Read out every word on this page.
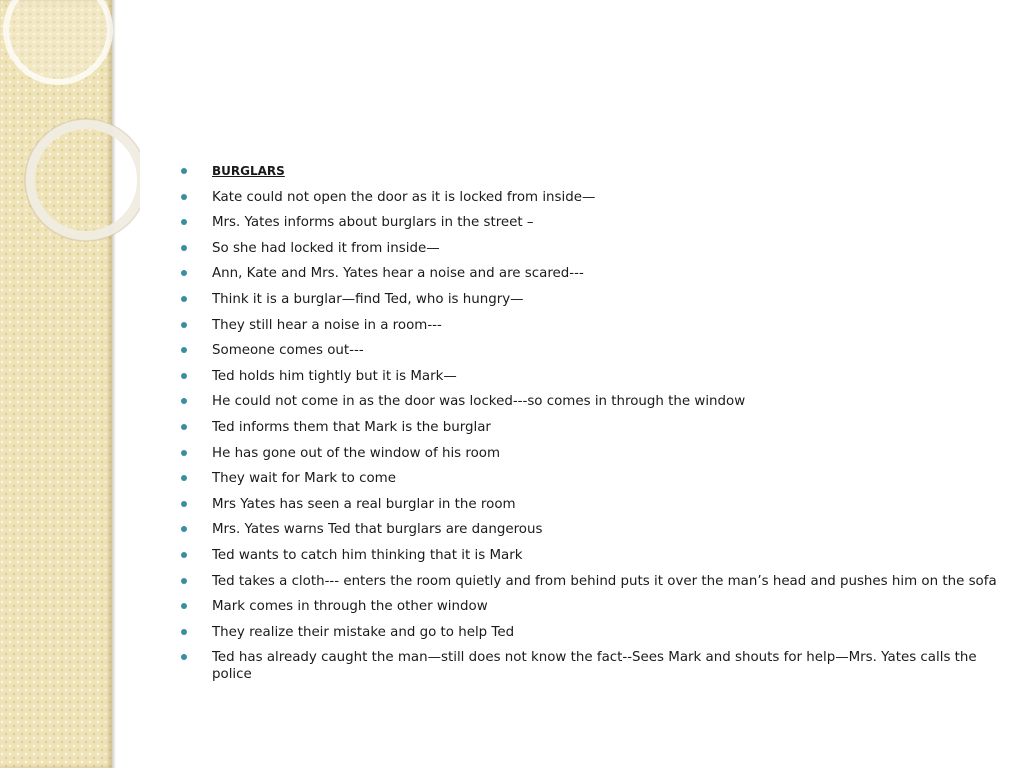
BURGLARS
Kate could not open the door as it is locked from inside—
Mrs. Yates informs about burglars in the street –
So she had locked it from inside—
Ann, Kate and Mrs. Yates hear a noise and are scared---
Think it is a burglar—find Ted, who is hungry—
They still hear a noise in a room---
Someone comes out---
Ted holds him tightly but it is Mark—
He could not come in as the door was locked---so comes in through the window
Ted informs them that Mark is the burglar
He has gone out of the window of his room
They wait for Mark to come
Mrs Yates has seen a real burglar in the room
Mrs. Yates warns Ted that burglars are dangerous
Ted wants to catch him thinking that it is Mark
Ted takes a cloth--- enters the room quietly and from behind puts it over the man’s head and pushes him on the sofa
Mark comes in through the other window
They realize their mistake and go to help Ted
Ted has already caught the man—still does not know the fact--Sees Mark and shouts for help—Mrs. Yates calls the police
